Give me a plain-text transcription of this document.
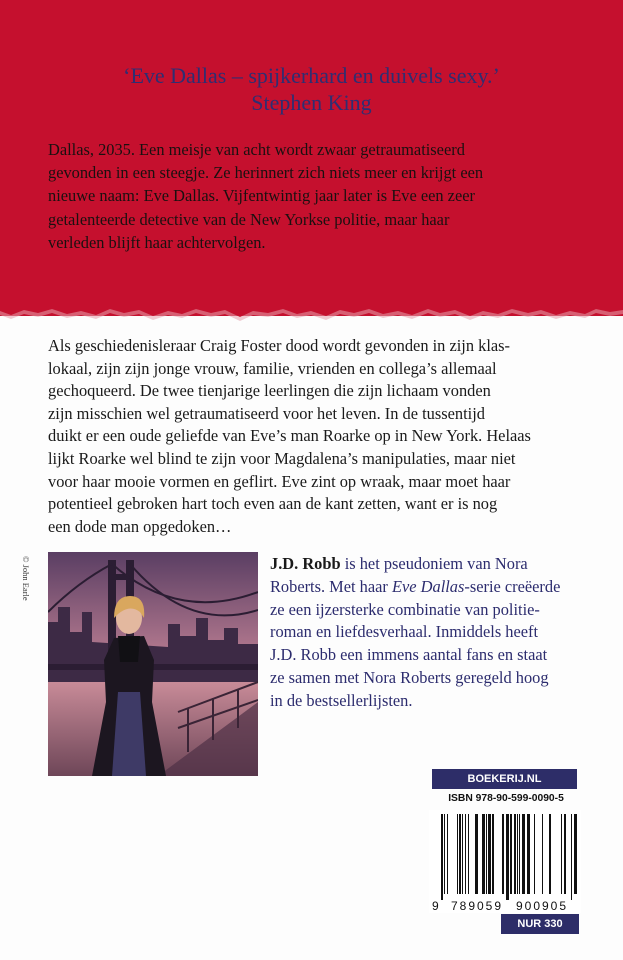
‘Eve Dallas – spijkerhard en duivels sexy.’
Stephen King
Dallas, 2035. Een meisje van acht wordt zwaar getraumatiseerd
gevonden in een steegje. Ze herinnert zich niets meer en krijgt een
nieuwe naam: Eve Dallas. Vijfentwintig jaar later is Eve een zeer
getalenteerde detective van de New Yorkse politie, maar haar
verleden blijft haar achtervolgen.
Als geschiedenisleraar Craig Foster dood wordt gevonden in zijn klas-
lokaal, zijn zijn jonge vrouw, familie, vrienden en collega’s allemaal
gechoqueerd. De twee tienjarige leerlingen die zijn lichaam vonden
zijn misschien wel getraumatiseerd voor het leven. In de tussentijd
duikt er een oude geliefde van Eve’s man Roarke op in New York. Helaas
lijkt Roarke wel blind te zijn voor Magdalena’s manipulaties, maar niet
voor haar mooie vormen en geflirt. Eve zint op wraak, maar moet haar
potentieel gebroken hart toch even aan de kant zetten, want er is nog
een dode man opgedoken…
© John Earle	J.D. Robb is het pseudoniem van Nora
Roberts. Met haar Eve Dallas-serie creëerde
ze een ijzersterke combinatie van politie-
roman en liefdesverhaal. Inmiddels heeft
J.D. Robb een immens aantal fans en staat
ze samen met Nora Roberts geregeld hoog
in de bestsellerlijsten.
BOEKERIJ.NL
ISBN 978-90-599-0090-5
9 789059 900905
NUR 330
